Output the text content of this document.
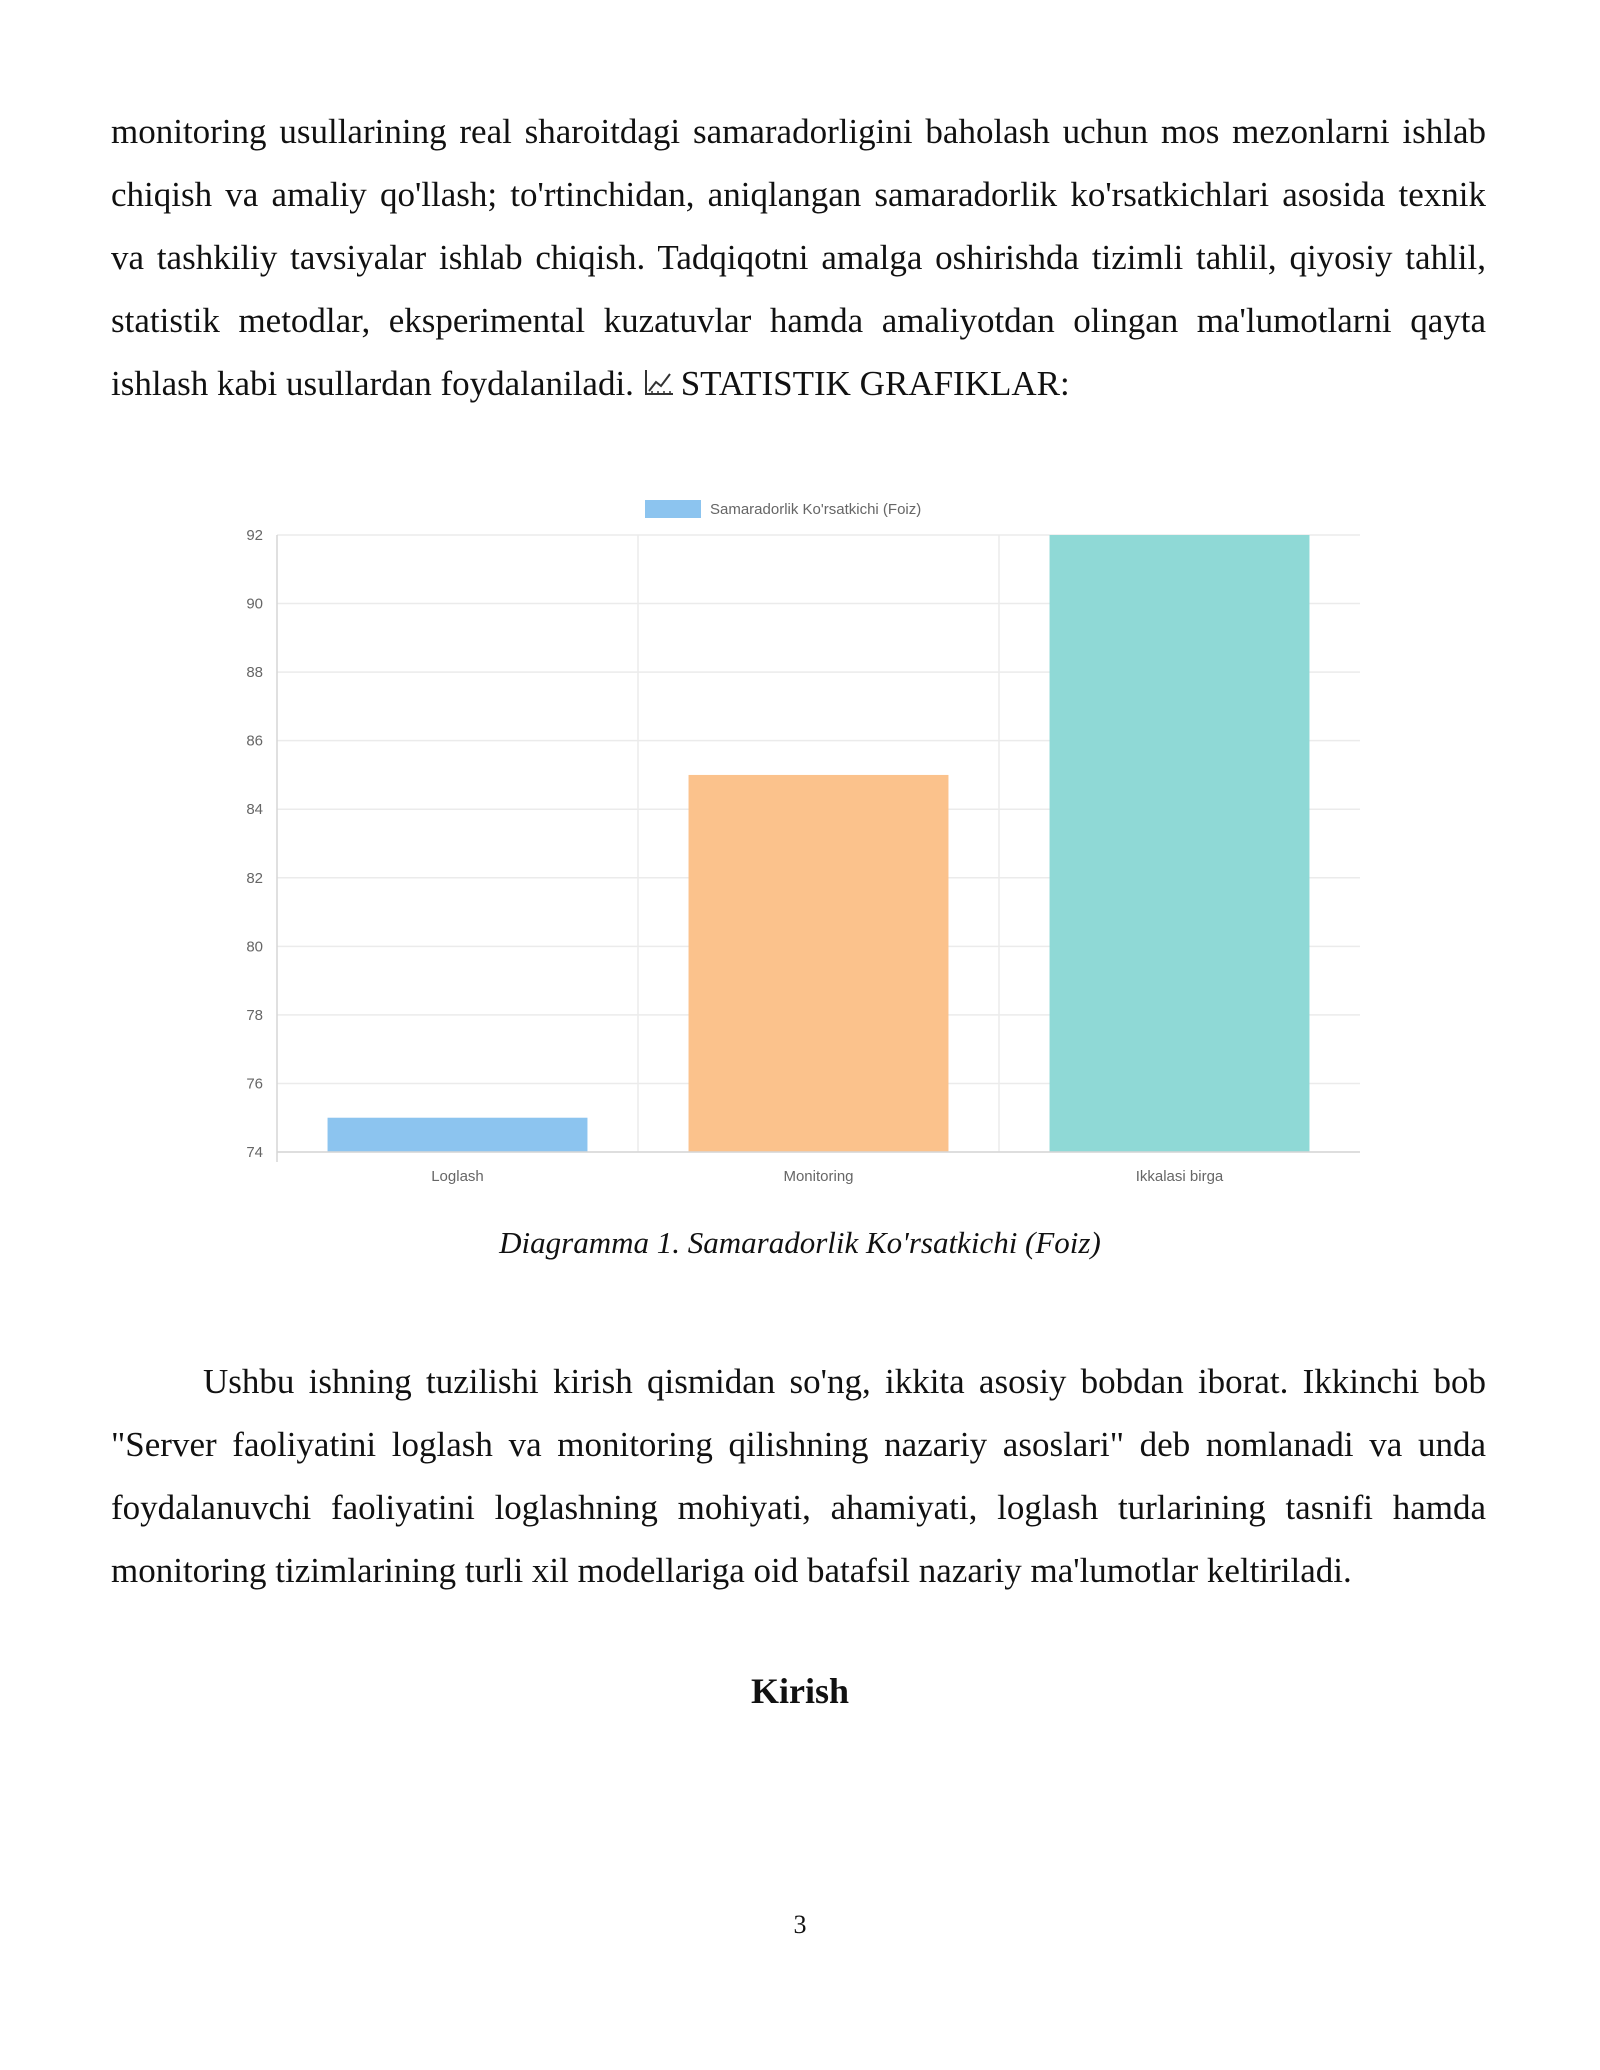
monitoring usullarining real sharoitdagi samaradorligini baholash uchun mos mezonlarni ishlab chiqish va amaliy qo'llash; to'rtinchidan, aniqlangan samaradorlik ko'rsatkichlari asosida texnik va tashkiliy tavsiyalar ishlab chiqish. Tadqiqotni amalga oshirishda tizimli tahlil, qiyosiy tahlil, statistik metodlar, eksperimental kuzatuvlar hamda amaliyotdan olingan ma'lumotlarni qayta ishlash kabi usullardan foydalaniladi. STATISTIK GRAFIKLAR:

74
76
78
80
82
84
86
88
90
92
Loglash	Monitoring	Ikkalasi birga
Samaradorlik Ko'rsatkichi (Foiz)

Diagramma 1. Samaradorlik Ko'rsatkichi (Foiz)

Ushbu ishning tuzilishi kirish qismidan so'ng, ikkita asosiy bobdan iborat. Ikkinchi bob "Server faoliyatini loglash va monitoring qilishning nazariy asoslari" deb nomlanadi va unda foydalanuvchi faoliyatini loglashning mohiyati, ahamiyati, loglash turlarining tasnifi hamda monitoring tizimlarining turli xil modellariga oid batafsil nazariy ma'lumotlar keltiriladi.

Kirish
3
